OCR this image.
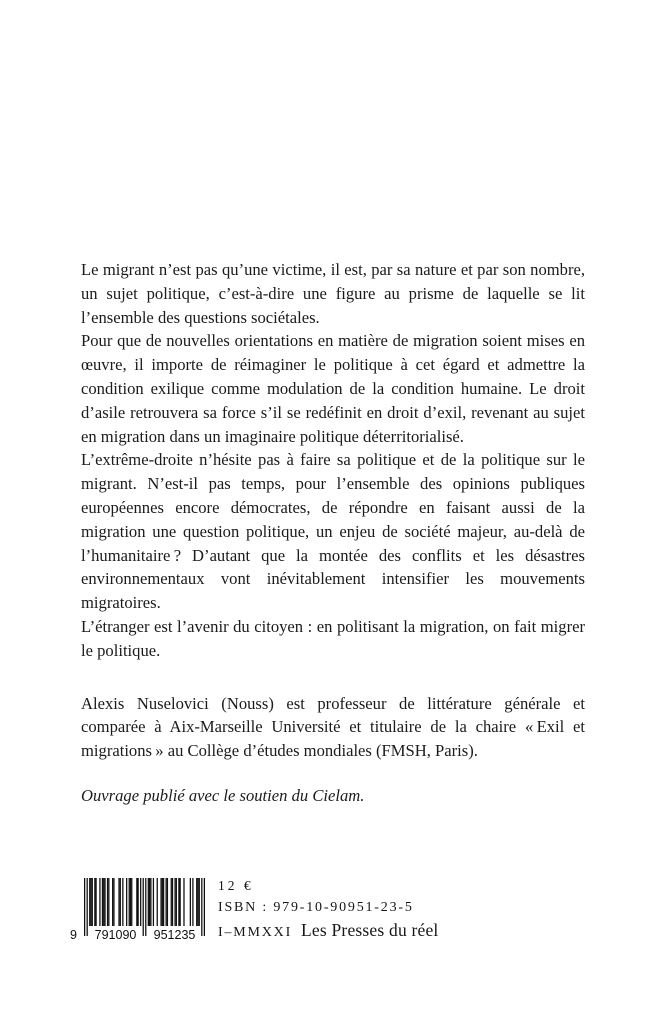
Le migrant n’est pas qu’une victime, il est, par sa nature et par son nombre, un sujet politique, c’est-à-dire une figure au prisme de laquelle se lit l’ensemble des questions sociétales.

Pour que de nouvelles orientations en matière de migration soient mises en œuvre, il importe de réimaginer le politique à cet égard et admettre la condition exilique comme modulation de la condition humaine. Le droit d’asile retrouvera sa force s’il se redéfinit en droit d’exil, revenant au sujet en migration dans un imaginaire politique déterritorialisé.

L’extrême-droite n’hésite pas à faire sa politique et de la politique sur le migrant. N’est-il pas temps, pour l’ensemble des opinions publiques européennes encore démocrates, de répondre en faisant aussi de la migration une question politique, un enjeu de société majeur, au-delà de l’humanitaire ? D’autant que la montée des conflits et les désastres environnementaux vont inévitablement intensifier les mouvements migratoires.

L’étranger est l’avenir du citoyen : en politisant la migration, on fait migrer le politique.

Alexis Nuselovici (Nouss) est professeur de littérature générale et comparée à Aix-Marseille Université et titulaire de la chaire « Exil et migrations » au Collège d’études mondiales (FMSH, Paris).

Ouvrage publié avec le soutien du Cielam.

9	791090	951235
12 €
ISBN : 979-10-90951-23-5
I–MMXXI Les Presses du réel
